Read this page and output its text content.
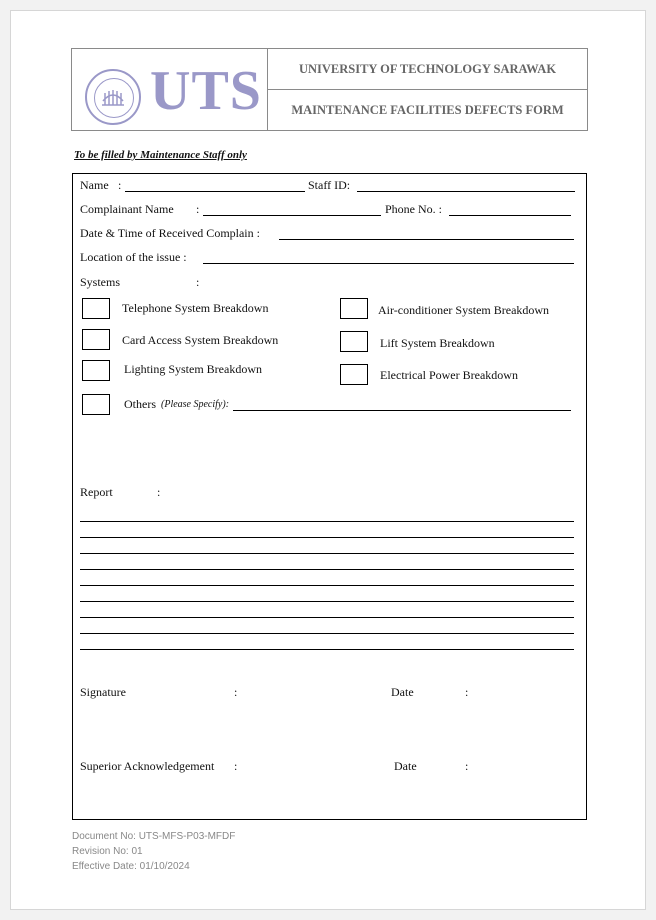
UTS	UNIVERSITY OF TECHNOLOGY SARAWAK
MAINTENANCE FACILITIES DEFECTS FORM
To be filled by Maintenance Staff only
Name :	Staff ID:
Complainant Name :	Phone No. :
Date & Time of Received Complain :
Location of the issue :
Systems	:
Telephone System Breakdown	Air-conditioner System Breakdown
Card Access System Breakdown	Lift System Breakdown
Lighting System Breakdown	Electrical Power Breakdown
Others (Please Specify):
Report	:
Signature	:	Date	:
Superior Acknowledgement :	Date	:
Document No: UTS-MFS-P03-MFDF
Revision No: 01
Effective Date: 01/10/2024
